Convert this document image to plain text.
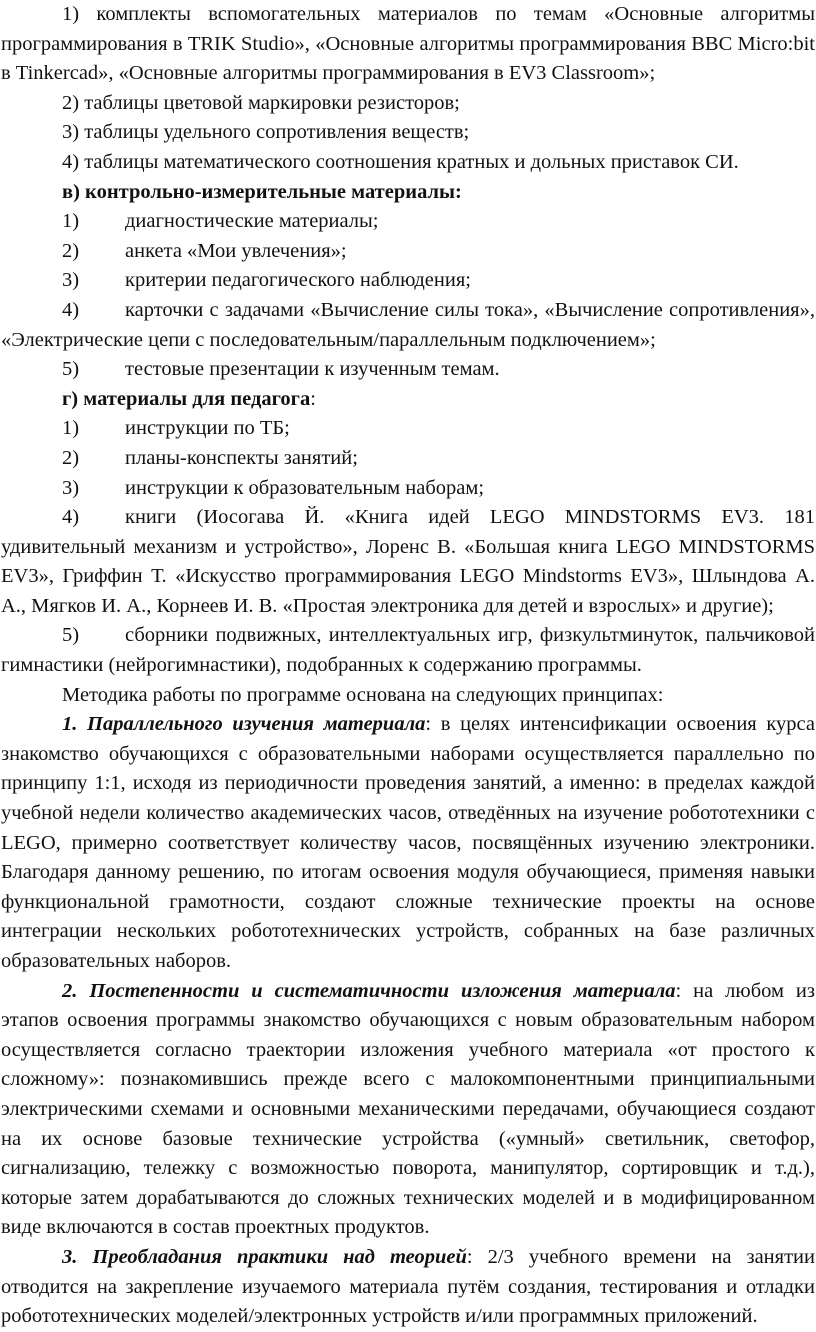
1) комплекты вспомогательных материалов по темам «Основные алгоритмы программирования в TRIK Studio», «Основные алгоритмы программирования BBC Micro:bit в Tinkercad», «Основные алгоритмы программирования в EV3 Classroom»;

2) таблицы цветовой маркировки резисторов;

3) таблицы удельного сопротивления веществ;

4) таблицы математического соотношения кратных и дольных приставок СИ.

в) контрольно-измерительные материалы:

1) диагностические материалы;

2) анкета «Мои увлечения»;

3) критерии педагогического наблюдения;

4) карточки с задачами «Вычисление силы тока», «Вычисление сопротивления», «Электрические цепи с последовательным/параллельным подключением»;

5) тестовые презентации к изученным темам.

г) материалы для педагога:

1) инструкции по ТБ;

2) планы-конспекты занятий;

3) инструкции к образовательным наборам;

4) книги (Иосогава Й. «Книга идей LEGO MINDSTORMS EV3. 181 удивительный механизм и устройство», Лоренс В. «Большая книга LEGO MINDSTORMS EV3», Гриффин Т. «Искусство программирования LEGO Mindstorms EV3», Шлындова А. А., Мягков И. А., Корнеев И. В. «Простая электроника для детей и взрослых» и другие);

5) сборники подвижных, интеллектуальных игр, физкультминуток, пальчиковой гимнастики (нейрогимнастики), подобранных к содержанию программы.

Методика работы по программе основана на следующих принципах:

1. Параллельного изучения материала: в целях интенсификации освоения курса знакомство обучающихся с образовательными наборами осуществляется параллельно по принципу 1:1, исходя из периодичности проведения занятий, а именно: в пределах каждой учебной недели количество академических часов, отведённых на изучение робототехники с LEGO, примерно соответствует количеству часов, посвящённых изучению электроники. Благодаря данному решению, по итогам освоения модуля обучающиеся, применяя навыки функциональной грамотности, создают сложные технические проекты на основе интеграции нескольких робототехнических устройств, собранных на базе различных образовательных наборов.

2. Постепенности и систематичности изложения материала: на любом из этапов освоения программы знакомство обучающихся с новым образовательным набором осуществляется согласно траектории изложения учебного материала «от простого к сложному»: познакомившись прежде всего с малокомпонентными принципиальными электрическими схемами и основными механическими передачами, обучающиеся создают на их основе базовые технические устройства («умный» светильник, светофор, сигнализацию, тележку с возможностью поворота, манипулятор, сортировщик и т.д.), которые затем дорабатываются до сложных технических моделей и в модифицированном виде включаются в состав проектных продуктов.

3. Преобладания практики над теорией: 2/3 учебного времени на занятии отводится на закрепление изучаемого материала путём создания, тестирования и отладки робототехнических моделей/электронных устройств и/или программных приложений.
